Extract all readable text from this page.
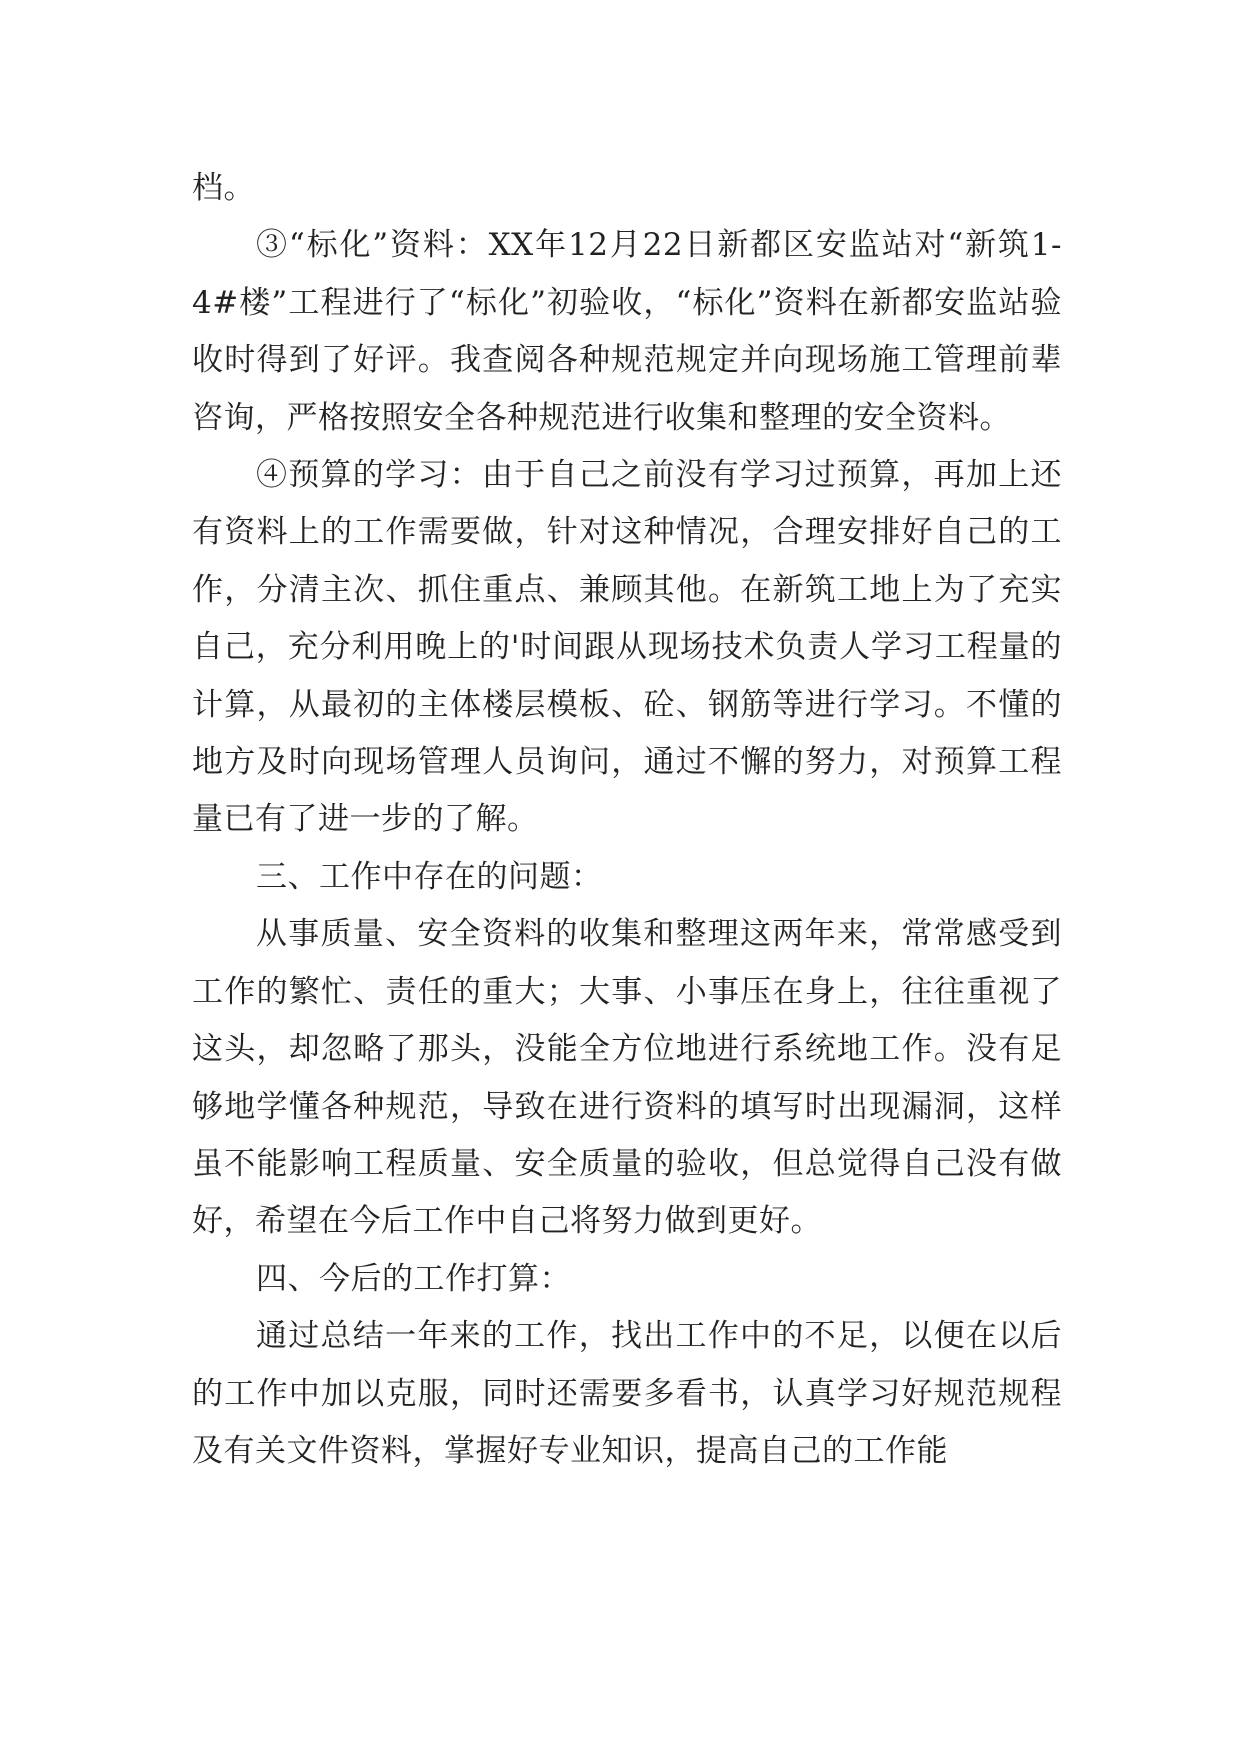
档。

③“标化”资料：XX年12月22日新都区安监站对“新筑1-4#楼”工程进行了“标化”初验收，“标化”资料在新都安监站验收时得到了好评。我查阅各种规范规定并向现场施工管理前辈咨询，严格按照安全各种规范进行收集和整理的安全资料。

④预算的学习：由于自己之前没有学习过预算，再加上还有资料上的工作需要做，针对这种情况，合理安排好自己的工作，分清主次、抓住重点、兼顾其他。在新筑工地上为了充实自己，充分利用晚上的'时间跟从现场技术负责人学习工程量的计算，从最初的主体楼层模板、砼、钢筋等进行学习。不懂的地方及时向现场管理人员询问，通过不懈的努力，对预算工程量已有了进一步的了解。

三、工作中存在的问题：

从事质量、安全资料的收集和整理这两年来，常常感受到工作的繁忙、责任的重大；大事、小事压在身上，往往重视了这头，却忽略了那头，没能全方位地进行系统地工作。没有足够地学懂各种规范，导致在进行资料的填写时出现漏洞，这样虽不能影响工程质量、安全质量的验收，但总觉得自己没有做好，希望在今后工作中自己将努力做到更好。

四、今后的工作打算：

通过总结一年来的工作，找出工作中的不足，以便在以后的工作中加以克服，同时还需要多看书，认真学习好规范规程及有关文件资料，掌握好专业知识，提高自己的工作能
